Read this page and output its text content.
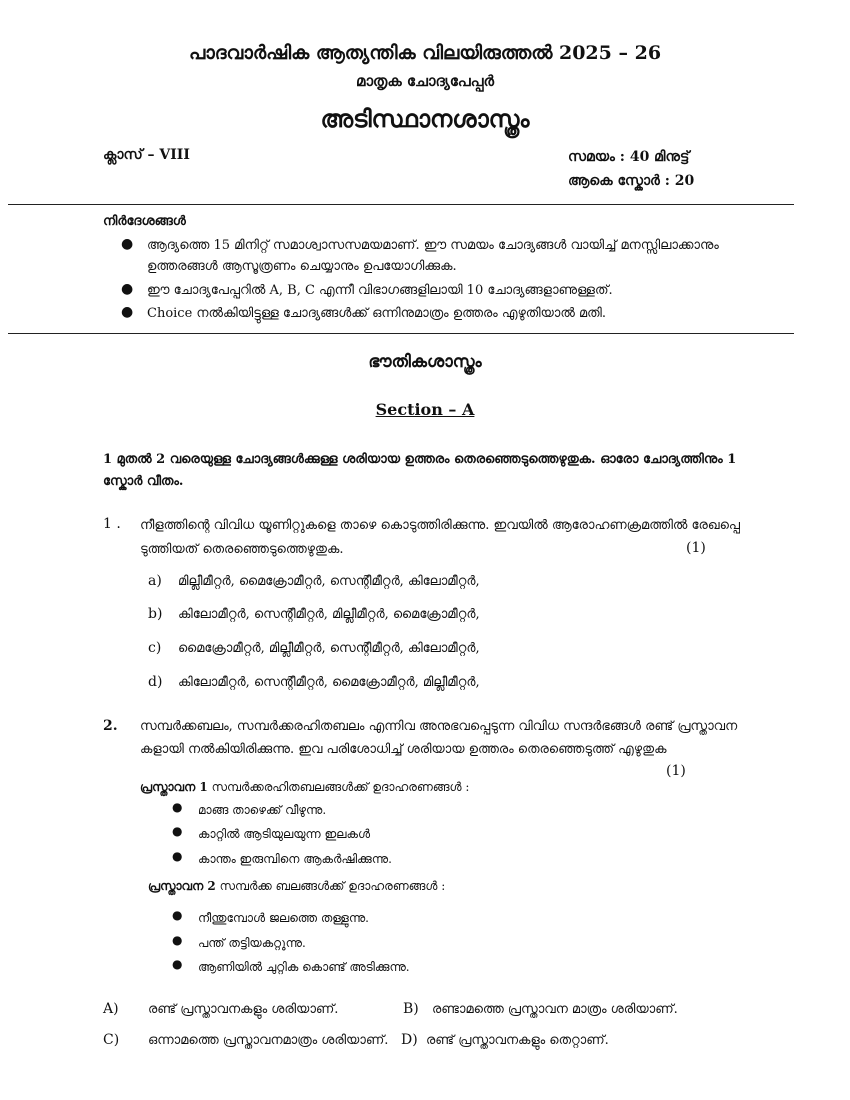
പാദവാർഷിക ആത്യന്തിക വിലയിരുത്തൽ 2025 – 26
മാതൃക ചോദ്യപേപ്പർ
അടിസ്ഥാനശാസ്ത്രം
ക്ലാസ് – VIII	സമയം : 40 മിനുട്ട്
ആകെ സ്കോർ : 20
നിർദേശങ്ങൾ
● ആദ്യത്തെ 15 മിനിറ്റ് സമാശ്വാസസമയമാണ്. ഈ സമയം ചോദ്യങ്ങൾ വായിച്ച് മനസ്സിലാക്കാനും
ഉത്തരങ്ങൾ ആസൂത്രണം ചെയ്യാനും ഉപയോഗിക്കുക.
● ഈ ചോദ്യപേപ്പറിൽ A, B, C എന്നീ വിഭാഗങ്ങളിലായി 10 ചോദ്യങ്ങളാണുള്ളത്.
● Choice നൽകിയിട്ടുള്ള ചോദ്യങ്ങൾക്ക് ഒന്നിനുമാത്രം ഉത്തരം എഴുതിയാൽ മതി.
ഭൗതികശാസ്ത്രം
Section – A
1 മുതൽ 2 വരെയുള്ള ചോദ്യങ്ങൾക്കുള്ള ശരിയായ ഉത്തരം തെരഞ്ഞെടുത്തെഴുതുക. ഓരോ ചോദ്യത്തിനും 1
സ്കോർ വീതം.
1 . നീളത്തിന്റെ വിവിധ യൂണിറ്റുകളെ താഴെ കൊടുത്തിരിക്കുന്നു. ഇവയിൽ ആരോഹണക്രമത്തിൽ രേഖപ്പെ
ടുത്തിയത് തെരഞ്ഞെടുത്തെഴുതുക.	(1)
a) മില്ലീമീറ്റർ, മൈക്രോമീറ്റർ, സെന്റീമീറ്റർ, കിലോമീറ്റർ,
b) കിലോമീറ്റർ, സെന്റീമീറ്റർ, മില്ലീമീറ്റർ, മൈക്രോമീറ്റർ,
c) മൈക്രോമീറ്റർ, മില്ലീമീറ്റർ, സെന്റീമീറ്റർ, കിലോമീറ്റർ,
d) കിലോമീറ്റർ, സെന്റീമീറ്റർ, മൈക്രോമീറ്റർ, മില്ലീമീറ്റർ,
2. സമ്പർക്കബലം, സമ്പർക്കരഹിതബലം എന്നിവ അനുഭവപ്പെടുന്ന വിവിധ സന്ദർഭങ്ങൾ രണ്ട് പ്രസ്താവന
കളായി നൽകിയിരിക്കുന്നു. ഇവ പരിശോധിച്ച് ശരിയായ ഉത്തരം തെരഞ്ഞെടുത്ത് എഴുതുക
(1)
പ്രസ്താവന 1 സമ്പർക്കരഹിതബലങ്ങൾക്ക് ഉദാഹരണങ്ങൾ :
● മാങ്ങ താഴെക്ക് വീഴുന്നു.
● കാറ്റിൽ ആടിയുലയുന്ന ഇലകൾ
● കാന്തം ഇരുമ്പിനെ ആകർഷിക്കുന്നു.
പ്രസ്താവന 2 സമ്പർക്ക ബലങ്ങൾക്ക് ഉദാഹരണങ്ങൾ :
● നീന്തുമ്പോൾ ജലത്തെ തള്ളുന്നു.
● പന്ത് തട്ടിയകറ്റുന്നു.
● ആണിയിൽ ചുറ്റിക കൊണ്ട് അടിക്കുന്നു.
A) രണ്ട് പ്രസ്താവനകളും ശരിയാണ്.	B) രണ്ടാമത്തെ പ്രസ്താവന മാത്രം ശരിയാണ്.
C) ഒന്നാമത്തെ പ്രസ്താവനമാത്രം ശരിയാണ്. D) രണ്ട് പ്രസ്താവനകളും തെറ്റാണ്.
